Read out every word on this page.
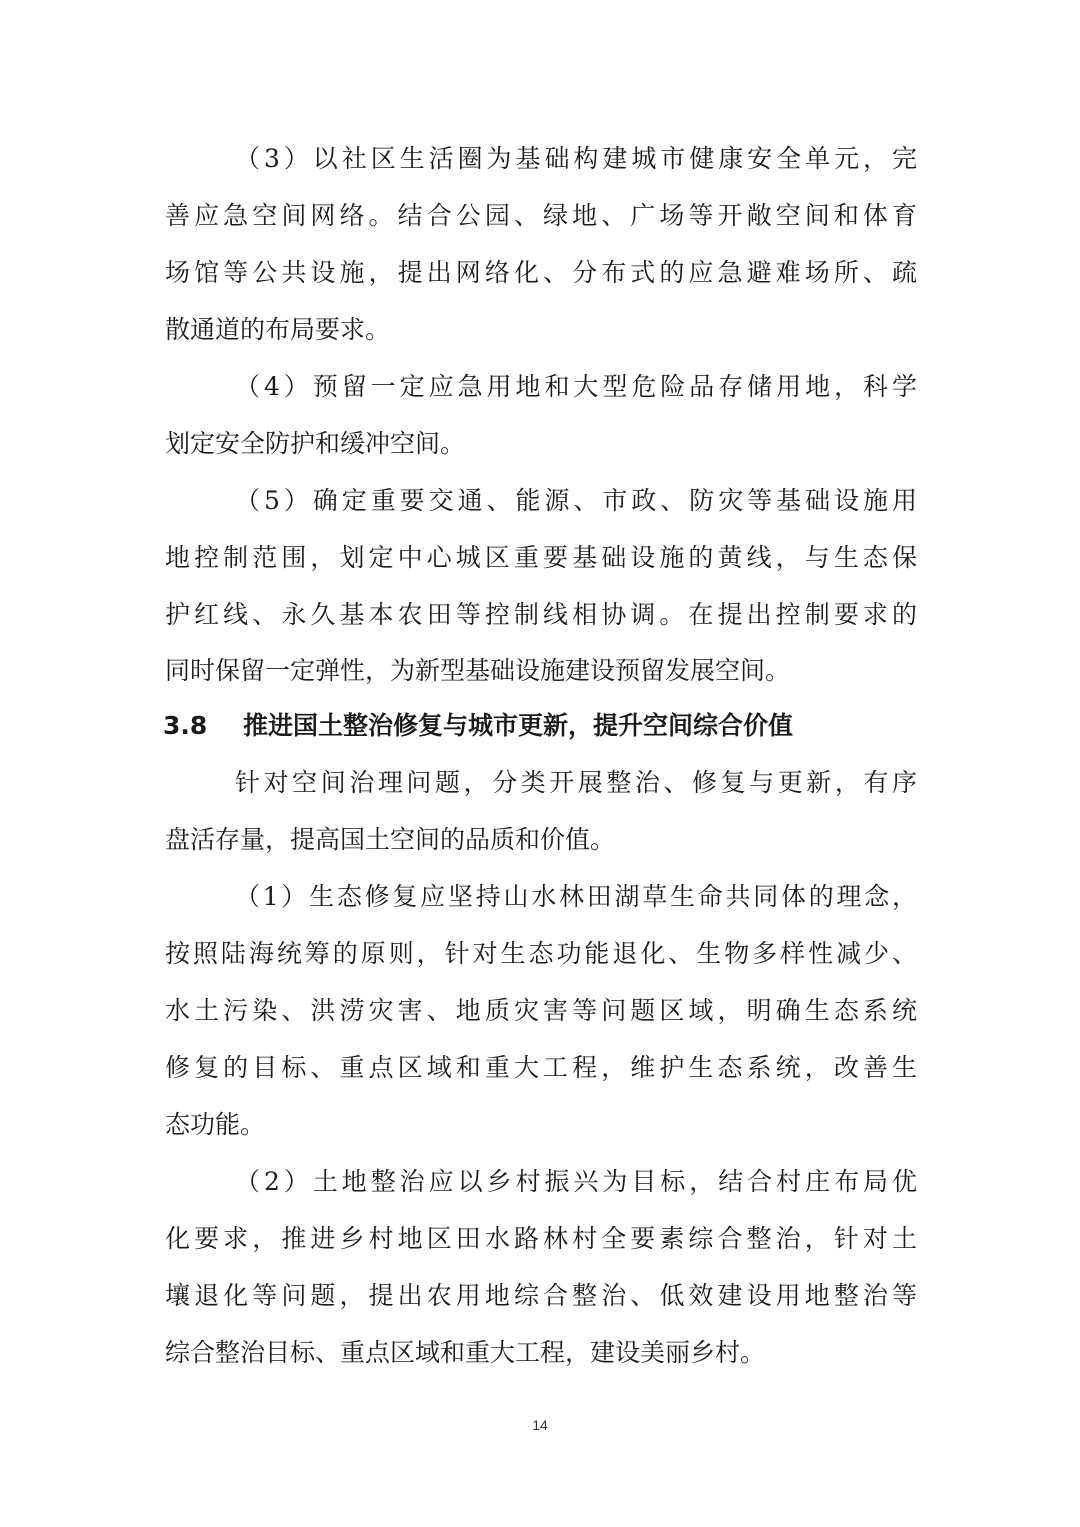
（3）以社区生活圈为基础构建城市健康安全单元，完
善应急空间网络。结合公园、绿地、广场等开敞空间和体育
场馆等公共设施，提出网络化、分布式的应急避难场所、疏
散通道的布局要求。
（4）预留一定应急用地和大型危险品存储用地，科学
划定安全防护和缓冲空间。
（5）确定重要交通、能源、市政、防灾等基础设施用
地控制范围，划定中心城区重要基础设施的黄线，与生态保
护红线、永久基本农田等控制线相协调。在提出控制要求的
同时保留一定弹性，为新型基础设施建设预留发展空间。
3.8 推进国土整治修复与城市更新，提升空间综合价值
针对空间治理问题，分类开展整治、修复与更新，有序
盘活存量，提高国土空间的品质和价值。
（1）生态修复应坚持山水林田湖草生命共同体的理念，
按照陆海统筹的原则，针对生态功能退化、生物多样性减少、
水土污染、洪涝灾害、地质灾害等问题区域，明确生态系统
修复的目标、重点区域和重大工程，维护生态系统，改善生
态功能。
（2）土地整治应以乡村振兴为目标，结合村庄布局优
化要求，推进乡村地区田水路林村全要素综合整治，针对土
壤退化等问题，提出农用地综合整治、低效建设用地整治等
综合整治目标、重点区域和重大工程，建设美丽乡村。
14
